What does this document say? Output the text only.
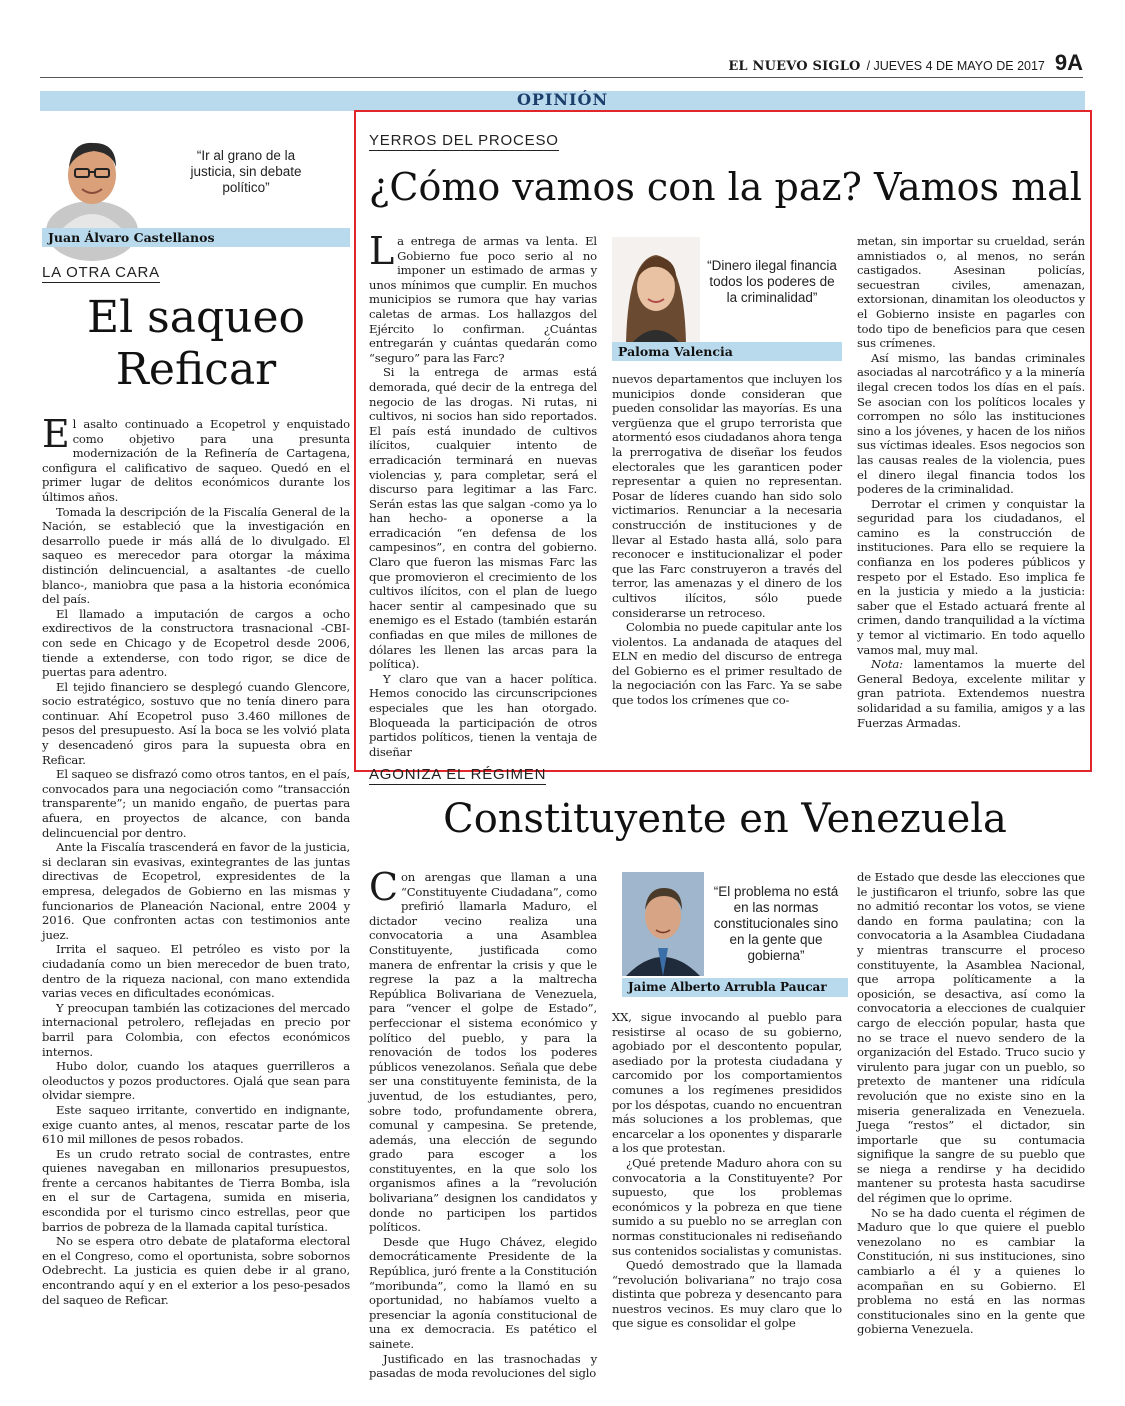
EL NUEVO SIGLO / JUEVES 4 DE MAYO DE 2017 9A
OPINIÓN
“Ir al grano de la justicia, sin debate político”
Juan Álvaro Castellanos
LA OTRA CARA
El saqueo
Reficar

El asalto continuado a Ecopetrol y enquistado como objetivo para una presunta modernización de la Refinería de Cartagena, configura el calificativo de saqueo. Quedó en el primer lugar de delitos económicos durante los últimos años.

Tomada la descripción de la Fiscalía General de la Nación, se estableció que la investigación en desarrollo puede ir más allá de lo divulgado. El saqueo es merecedor para otorgar la máxima distinción delincuencial, a asaltantes -de cuello blanco-, maniobra que pasa a la historia económica del país.

El llamado a imputación de cargos a ocho exdirectivos de la constructora trasnacional -CBI- con sede en Chicago y de Ecopetrol desde 2006, tiende a extenderse, con todo rigor, se dice de puertas para adentro.

El tejido financiero se desplegó cuando Glencore, socio estratégico, sostuvo que no tenía dinero para continuar. Ahí Ecopetrol puso 3.460 millones de pesos del presupuesto. Así la boca se les volvió plata y desencadenó giros para la supuesta obra en Reficar.

El saqueo se disfrazó como otros tantos, en el país, convocados para una negociación como “transacción transparente”; un manido engaño, de puertas para afuera, en proyectos de alcance, con banda delincuencial por dentro.

Ante la Fiscalía trascenderá en favor de la justicia, si declaran sin evasivas, exintegrantes de las juntas directivas de Ecopetrol, expresidentes de la empresa, delegados de Gobierno en las mismas y funcionarios de Planeación Nacional, entre 2004 y 2016. Que confronten actas con testimonios ante juez.

Irrita el saqueo. El petróleo es visto por la ciudadanía como un bien merecedor de buen trato, dentro de la riqueza nacional, con mano extendida varias veces en dificultades económicas.

Y preocupan también las cotizaciones del mercado internacional petrolero, reflejadas en precio por barril para Colombia, con efectos económicos internos.

Hubo dolor, cuando los ataques guerrilleros a oleoductos y pozos productores. Ojalá que sean para olvidar siempre.

Este saqueo irritante, convertido en indignante, exige cuanto antes, al menos, rescatar parte de los 610 mil millones de pesos robados.

Es un crudo retrato social de contrastes, entre quienes navegaban en millonarios presupuestos, frente a cercanos habitantes de Tierra Bomba, isla en el sur de Cartagena, sumida en miseria, escondida por el turismo cinco estrellas, peor que barrios de pobreza de la llamada capital turística.

No se espera otro debate de plataforma electoral en el Congreso, como el oportunista, sobre sobornos Odebrecht. La justicia es quien debe ir al grano, encontrando aquí y en el exterior a los peso-pesados del saqueo de Reficar.

YERROS DEL PROCESO
¿Cómo vamos con la paz? Vamos mal

La entrega de armas va lenta. El Gobierno fue poco serio al no imponer un estimado de armas y unos mínimos que cumplir. En muchos municipios se rumora que hay varias caletas de armas. Los hallazgos del Ejército lo confirman. ¿Cuántas entregarán y cuántas quedarán como “seguro” para las Farc?

Si la entrega de armas está demorada, qué decir de la entrega del negocio de las drogas. Ni rutas, ni cultivos, ni socios han sido reportados. El país está inundado de cultivos ilícitos, cualquier intento de erradicación terminará en nuevas violencias y, para completar, será el discurso para legitimar a las Farc. Serán estas las que salgan -como ya lo han hecho- a oponerse a la erradicación “en defensa de los campesinos”, en contra del gobierno. Claro que fueron las mismas Farc las que promovieron el crecimiento de los cultivos ilícitos, con el plan de luego hacer sentir al campesinado que su enemigo es el Estado (también estarán confiadas en que miles de millones de dólares les llenen las arcas para la política).

Y claro que van a hacer política. Hemos conocido las circunscripciones especiales que les han otorgado. Bloqueada la participación de otros partidos políticos, tienen la ventaja de diseñar

“Dinero ilegal financia todos los poderes de la criminalidad”
Paloma Valencia

nuevos departamentos que incluyen los municipios donde consideran que pueden consolidar las mayorías. Es una vergüenza que el grupo terrorista que atormentó esos ciudadanos ahora tenga la prerrogativa de diseñar los feudos electorales que les garanticen poder representar a quien no representan. Posar de líderes cuando han sido solo victimarios. Renunciar a la necesaria construcción de instituciones y de llevar al Estado hasta allá, solo para reconocer e institucionalizar el poder que las Farc construyeron a través del terror, las amenazas y el dinero de los cultivos ilícitos, sólo puede considerarse un retroceso.

Colombia no puede capitular ante los violentos. La andanada de ataques del ELN en medio del discurso de entrega del Gobierno es el primer resultado de la negociación con las Farc. Ya se sabe que todos los crímenes que co-

metan, sin importar su crueldad, serán amnistiados o, al menos, no serán castigados. Asesinan policías, secuestran civiles, amenazan, extorsionan, dinamitan los oleoductos y el Gobierno insiste en pagarles con todo tipo de beneficios para que cesen sus crímenes.

Así mismo, las bandas criminales asociadas al narcotráfico y a la minería ilegal crecen todos los días en el país. Se asocian con los políticos locales y corrompen no sólo las instituciones sino a los jóvenes, y hacen de los niños sus víctimas ideales. Esos negocios son las causas reales de la violencia, pues el dinero ilegal financia todos los poderes de la criminalidad.

Derrotar el crimen y conquistar la seguridad para los ciudadanos, el camino es la construcción de instituciones. Para ello se requiere la confianza en los poderes públicos y respeto por el Estado. Eso implica fe en la justicia y miedo a la justicia: saber que el Estado actuará frente al crimen, dando tranquilidad a la víctima y temor al victimario. En todo aquello vamos mal, muy mal.

Nota: lamentamos la muerte del General Bedoya, excelente militar y gran patriota. Extendemos nuestra solidaridad a su familia, amigos y a las Fuerzas Armadas.

AGONIZA EL RÉGIMEN
Constituyente en Venezuela

Con arengas que llaman a una “Constituyente Ciudadana”, como prefirió llamarla Maduro, el dictador vecino realiza una convocatoria a una Asamblea Constituyente, justificada como manera de enfrentar la crisis y que le regrese la paz a la maltrecha República Bolivariana de Venezuela, para “vencer el golpe de Estado”, perfeccionar el sistema económico y político del pueblo, y para la renovación de todos los poderes públicos venezolanos. Señala que debe ser una constituyente feminista, de la juventud, de los estudiantes, pero, sobre todo, profundamente obrera, comunal y campesina. Se pretende, además, una elección de segundo grado para escoger a los constituyentes, en la que solo los organismos afines a la “revolución bolivariana” designen los candidatos y donde no participen los partidos políticos.

Desde que Hugo Chávez, elegido democráticamente Presidente de la República, juró frente a la Constitución “moribunda”, como la llamó en su oportunidad, no habíamos vuelto a presenciar la agonía constitucional de una ex democracia. Es patético el sainete.

Justificado en las trasnochadas y pasadas de moda revoluciones del siglo

“El problema no está en las normas constitucionales sino en la gente que gobierna”
Jaime Alberto Arrubla Paucar

XX, sigue invocando al pueblo para resistirse al ocaso de su gobierno, agobiado por el descontento popular, asediado por la protesta ciudadana y carcomido por los comportamientos comunes a los regímenes presididos por los déspotas, cuando no encuentran más soluciones a los problemas, que encarcelar a los oponentes y dispararle a los que protestan.

¿Qué pretende Maduro ahora con su convocatoria a la Constituyente? Por supuesto, que los problemas económicos y la pobreza en que tiene sumido a su pueblo no se arreglan con normas constitucionales ni rediseñando sus contenidos socialistas y comunistas.

Quedó demostrado que la llamada “revolución bolivariana” no trajo cosa distinta que pobreza y desencanto para nuestros vecinos. Es muy claro que lo que sigue es consolidar el golpe

de Estado que desde las elecciones que le justificaron el triunfo, sobre las que no admitió recontar los votos, se viene dando en forma paulatina; con la convocatoria a la Asamblea Ciudadana y mientras transcurre el proceso constituyente, la Asamblea Nacional, que arropa políticamente a la oposición, se desactiva, así como la convocatoria a elecciones de cualquier cargo de elección popular, hasta que no se trace el nuevo sendero de la organización del Estado. Truco sucio y virulento para jugar con un pueblo, so pretexto de mantener una ridícula revolución que no existe sino en la miseria generalizada en Venezuela. Juega “restos” el dictador, sin importarle que su contumacia signifique la sangre de su pueblo que se niega a rendirse y ha decidido mantener su protesta hasta sacudirse del régimen que lo oprime.

No se ha dado cuenta el régimen de Maduro que lo que quiere el pueblo venezolano no es cambiar la Constitución, ni sus instituciones, sino cambiarlo a él y a quienes lo acompañan en su Gobierno. El problema no está en las normas constitucionales sino en la gente que gobierna Venezuela.
